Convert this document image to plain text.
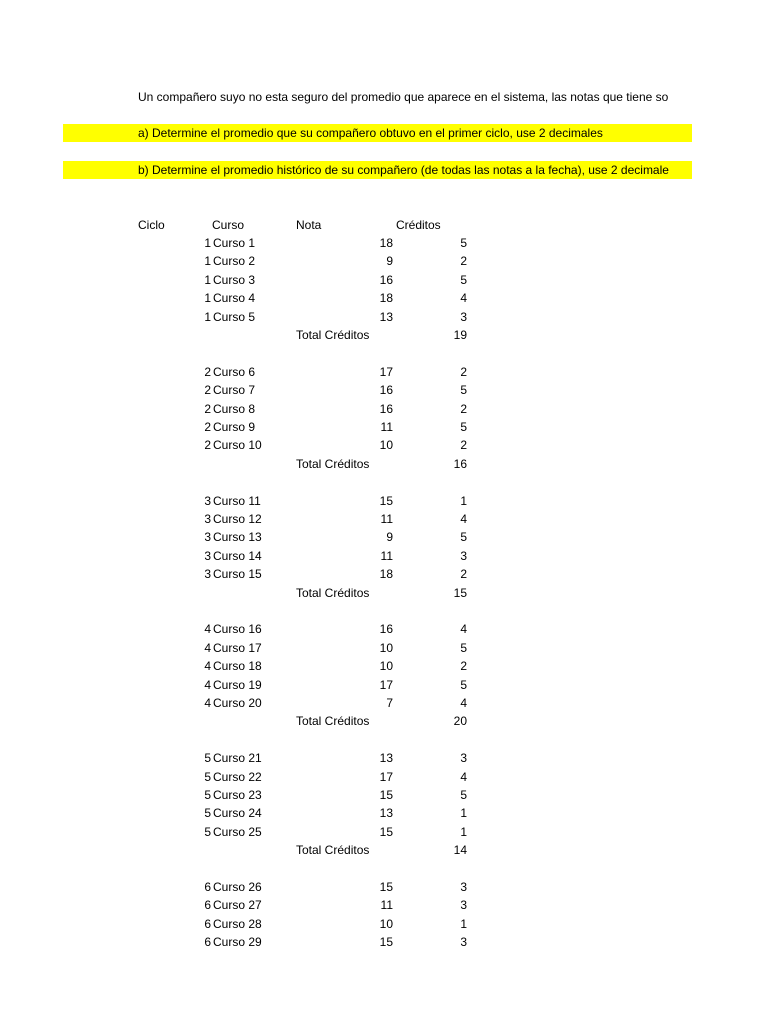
Un compañero suyo no esta seguro del promedio que aparece en el sistema, las notas que tiene so
a) Determine el promedio que su compañero obtuvo en el primer ciclo, use 2 decimales
b) Determine el promedio histórico de su compañero (de todas las notas a la fecha), use 2 decimale
Ciclo	Curso	Nota	Créditos
1 Curso 1	18	5
1 Curso 2	9	2
1 Curso 3	16	5
1 Curso 4	18	4
1 Curso 5	13	3
Total Créditos	19
2 Curso 6	17	2
2 Curso 7	16	5
2 Curso 8	16	2
2 Curso 9	11	5
2 Curso 10	10	2
Total Créditos	16
3 Curso 11	15	1
3 Curso 12	11	4
3 Curso 13	9	5
3 Curso 14	11	3
3 Curso 15	18	2
Total Créditos	15
4 Curso 16	16	4
4 Curso 17	10	5
4 Curso 18	10	2
4 Curso 19	17	5
4 Curso 20	7	4
Total Créditos	20
5 Curso 21	13	3
5 Curso 22	17	4
5 Curso 23	15	5
5 Curso 24	13	1
5 Curso 25	15	1
Total Créditos	14
6 Curso 26	15	3
6 Curso 27	11	3
6 Curso 28	10	1
6 Curso 29	15	3
